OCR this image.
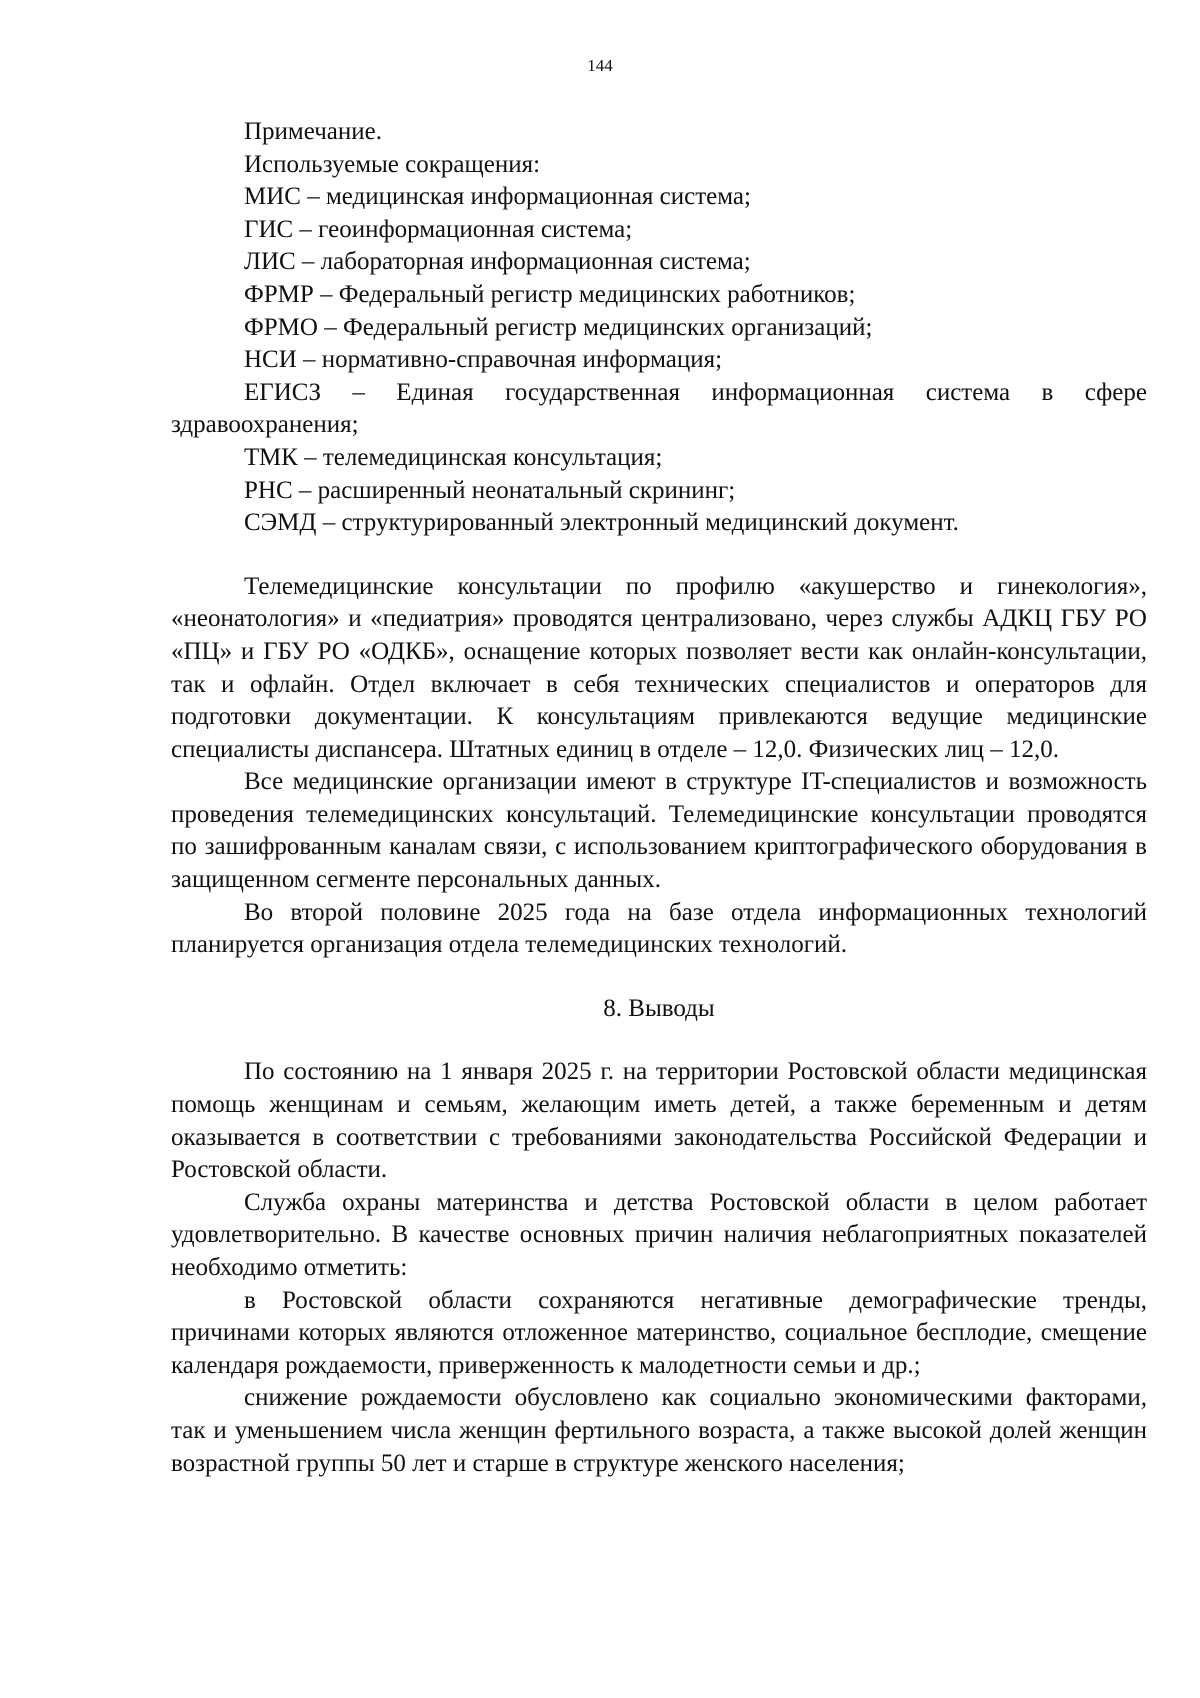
144

Примечание.

Используемые сокращения:

МИС – медицинская информационная система;

ГИС – геоинформационная система;

ЛИС – лабораторная информационная система;

ФРМР – Федеральный регистр медицинских работников;

ФРМО – Федеральный регистр медицинских организаций;

НСИ – нормативно-справочная информация;

ЕГИСЗ – Единая государственная информационная система в сфере здравоохранения;

ТМК – телемедицинская консультация;

РНС – расширенный неонатальный скрининг;

СЭМД – структурированный электронный медицинский документ.

Телемедицинские консультации по профилю «акушерство и гинекология», «неонатология» и «педиатрия» проводятся централизовано, через службы АДКЦ ГБУ РО «ПЦ» и ГБУ РО «ОДКБ», оснащение которых позволяет вести как онлайн-консультации, так и офлайн. Отдел включает в себя технических специалистов и операторов для подготовки документации. К консультациям привлекаются ведущие медицинские специалисты диспансера. Штатных единиц в отделе – 12,0. Физических лиц – 12,0.

Все медицинские организации имеют в структуре IT-специалистов и возможность проведения телемедицинских консультаций. Телемедицинские консультации проводятся по зашифрованным каналам связи, с использованием криптографического оборудования в защищенном сегменте персональных данных.

Во второй половине 2025 года на базе отдела информационных технологий планируется организация отдела телемедицинских технологий.

8. Выводы

По состоянию на 1 января 2025 г. на территории Ростовской области медицинская помощь женщинам и семьям, желающим иметь детей, а также беременным и детям оказывается в соответствии с требованиями законодательства Российской Федерации и Ростовской области.

Служба охраны материнства и детства Ростовской области в целом работает удовлетворительно. В качестве основных причин наличия неблагоприятных показателей необходимо отметить:

в Ростовской области сохраняются негативные демографические тренды, причинами которых являются отложенное материнство, социальное бесплодие, смещение календаря рождаемости, приверженность к малодетности семьи и др.;

снижение рождаемости обусловлено как социально экономическими факторами, так и уменьшением числа женщин фертильного возраста, а также высокой долей женщин возрастной группы 50 лет и старше в структуре женского населения;
